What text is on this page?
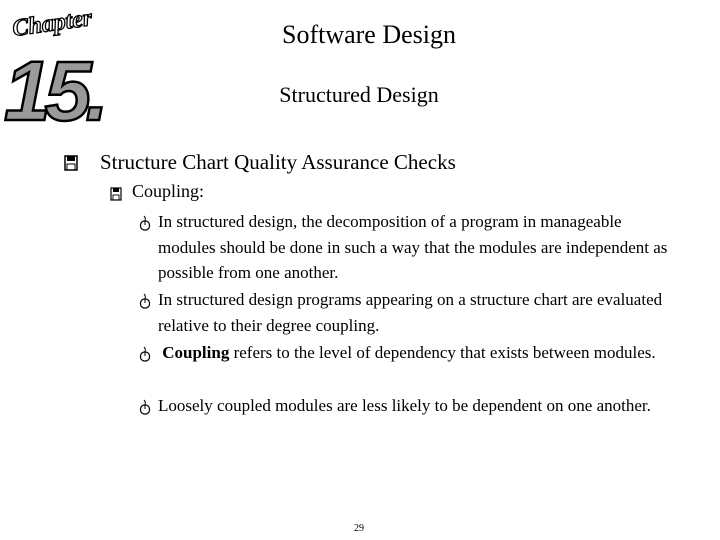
Chapter
15.
Software Design
Structured Design
Structure Chart Quality Assurance Checks
Coupling:
In structured design, the decomposition of a program in manageable modules should be done in such a way that the modules are independent as possible from one another.
In structured design programs appearing on a structure chart are evaluated relative to their degree coupling.
Coupling refers to the level of dependency that exists between modules.
Loosely coupled modules are less likely to be dependent on one another.
29
